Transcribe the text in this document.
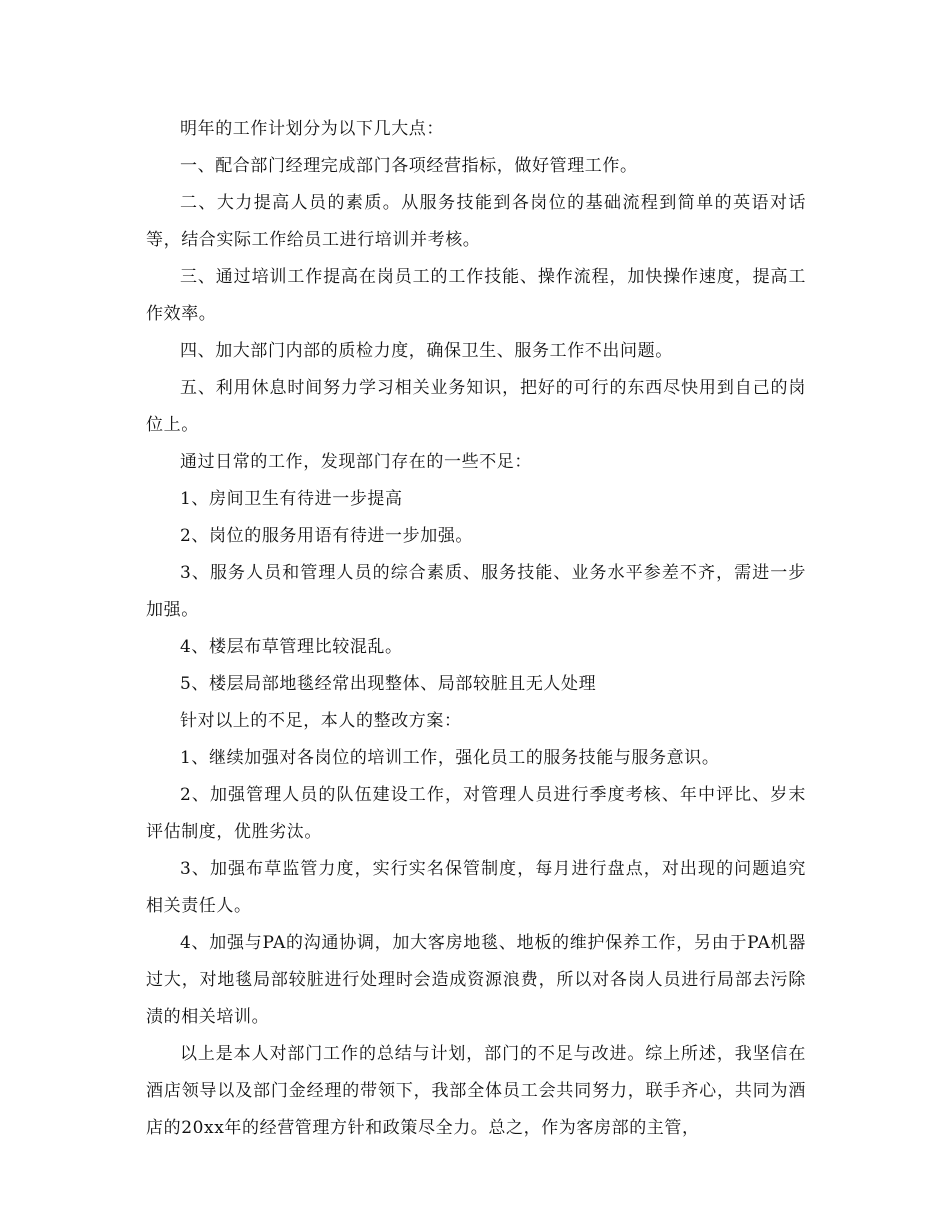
明年的工作计划分为以下几大点：

一、配合部门经理完成部门各项经营指标，做好管理工作。

二、大力提高人员的素质。从服务技能到各岗位的基础流程到简单的英语对话等，结合实际工作给员工进行培训并考核。

三、通过培训工作提高在岗员工的工作技能、操作流程，加快操作速度，提高工作效率。

四、加大部门内部的质检力度，确保卫生、服务工作不出问题。

五、利用休息时间努力学习相关业务知识，把好的可行的东西尽快用到自己的岗位上。

通过日常的工作，发现部门存在的一些不足：

1、房间卫生有待进一步提高

2、岗位的服务用语有待进一步加强。

3、服务人员和管理人员的综合素质、服务技能、业务水平参差不齐，需进一步加强。

4、楼层布草管理比较混乱。

5、楼层局部地毯经常出现整体、局部较脏且无人处理

针对以上的不足，本人的整改方案：

1、继续加强对各岗位的培训工作，强化员工的服务技能与服务意识。

2、加强管理人员的队伍建设工作，对管理人员进行季度考核、年中评比、岁末评估制度，优胜劣汰。

3、加强布草监管力度，实行实名保管制度，每月进行盘点，对出现的问题追究相关责任人。

4、加强与PA的沟通协调，加大客房地毯、地板的维护保养工作，另由于PA机器过大，对地毯局部较脏进行处理时会造成资源浪费，所以对各岗人员进行局部去污除渍的相关培训。

以上是本人对部门工作的总结与计划，部门的不足与改进。综上所述，我坚信在酒店领导以及部门金经理的带领下，我部全体员工会共同努力，联手齐心，共同为酒店的20xx年的经营管理方针和政策尽全力。总之，作为客房部的主管，
